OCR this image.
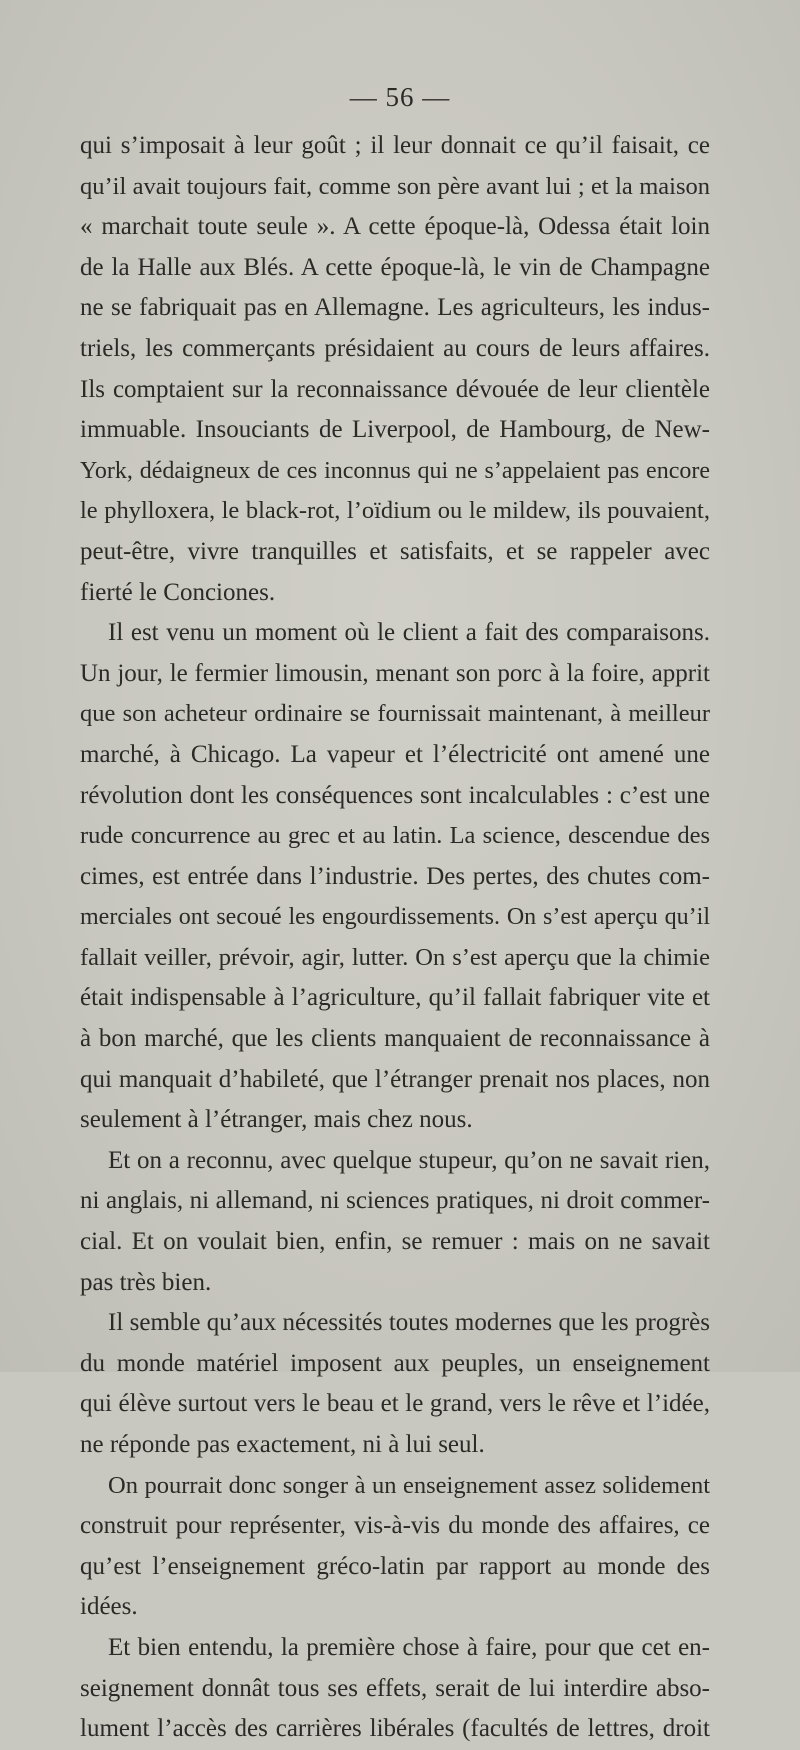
— 56 —
qui s’imposait à leur goût ; il leur donnait ce qu’il faisait, ce
qu’il avait toujours fait, comme son père avant lui ; et la maison
« marchait toute seule ». A cette époque-là, Odessa était loin
de la Halle aux Blés. A cette époque-là, le vin de Champagne
ne se fabriquait pas en Allemagne. Les agriculteurs, les indus-
triels, les commerçants présidaient au cours de leurs affaires.
Ils comptaient sur la reconnaissance dévouée de leur clientèle
immuable. Insouciants de Liverpool, de Hambourg, de New-
York, dédaigneux de ces inconnus qui ne s’appelaient pas encore
le phylloxera, le black-rot, l’oïdium ou le mildew, ils pouvaient,
peut-être, vivre tranquilles et satisfaits, et se rappeler avec
fierté le Conciones.
Il est venu un moment où le client a fait des comparaisons.
Un jour, le fermier limousin, menant son porc à la foire, apprit
que son acheteur ordinaire se fournissait maintenant, à meilleur
marché, à Chicago. La vapeur et l’électricité ont amené une
révolution dont les conséquences sont incalculables : c’est une
rude concurrence au grec et au latin. La science, descendue des
cimes, est entrée dans l’industrie. Des pertes, des chutes com-
merciales ont secoué les engourdissements. On s’est aperçu qu’il
fallait veiller, prévoir, agir, lutter. On s’est aperçu que la chimie
était indispensable à l’agriculture, qu’il fallait fabriquer vite et
à bon marché, que les clients manquaient de reconnaissance à
qui manquait d’habileté, que l’étranger prenait nos places, non
seulement à l’étranger, mais chez nous.
Et on a reconnu, avec quelque stupeur, qu’on ne savait rien,
ni anglais, ni allemand, ni sciences pratiques, ni droit commer-
cial. Et on voulait bien, enfin, se remuer : mais on ne savait
pas très bien.
Il semble qu’aux nécessités toutes modernes que les progrès
du monde matériel imposent aux peuples, un enseignement
qui élève surtout vers le beau et le grand, vers le rêve et l’idée,
ne réponde pas exactement, ni à lui seul.
On pourrait donc songer à un enseignement assez solidement
construit pour représenter, vis-à-vis du monde des affaires, ce
qu’est l’enseignement gréco-latin par rapport au monde des
idées.
Et bien entendu, la première chose à faire, pour que cet en-
seignement donnât tous ses effets, serait de lui interdire abso-
lument l’accès des carrières libérales (facultés de lettres, droit
